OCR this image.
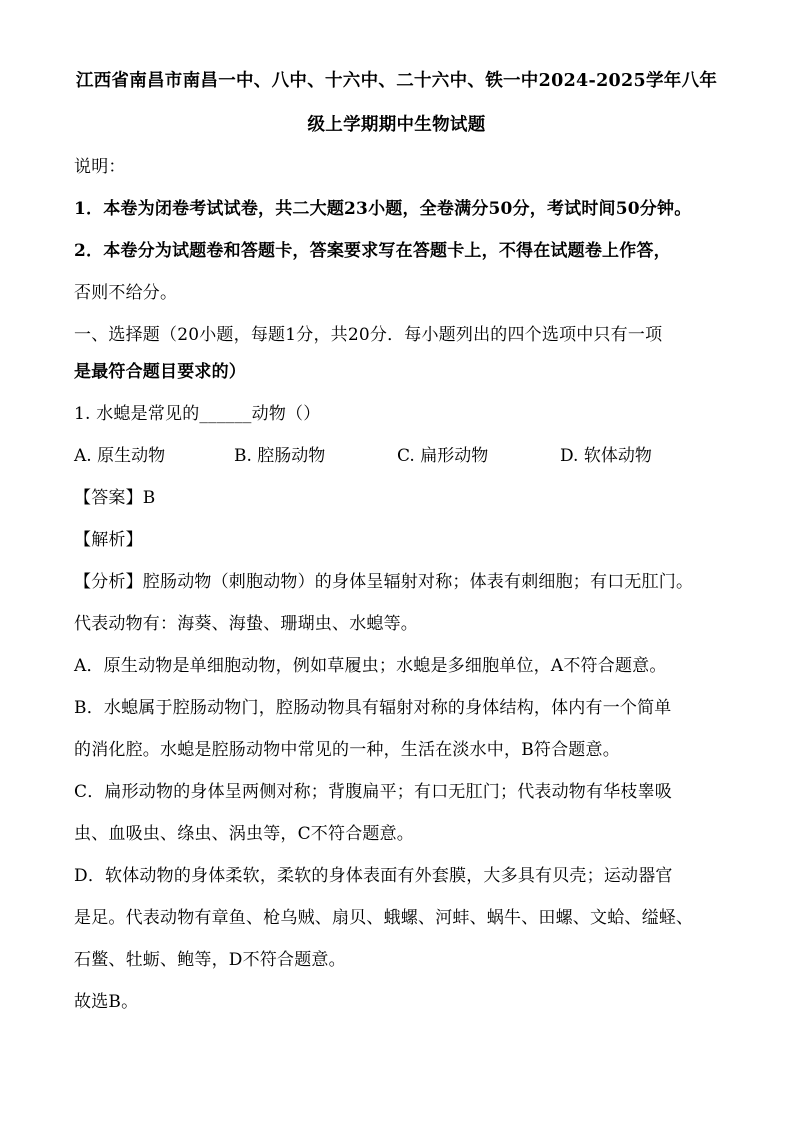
江西省南昌市南昌一中、八中、十六中、二十六中、铁一中2024-2025学年八年
级上学期期中生物试题
说明：
1．本卷为闭卷考试试卷，共二大题23小题，全卷满分50分，考试时间50分钟。
2．本卷分为试题卷和答题卡，答案要求写在答题卡上，不得在试题卷上作答，
否则不给分。
一、选择题（20小题，每题1分，共20分．每小题列出的四个选项中只有一项
是最符合题目要求的）
1. 水螅是常见的______动物（）
A. 原生动物	B. 腔肠动物	C. 扁形动物	D. 软体动物
【答案】B
【解析】
【分析】腔肠动物（刺胞动物）的身体呈辐射对称；体表有刺细胞；有口无肛门。
代表动物有：海葵、海蛰、珊瑚虫、水螅等。
A．原生动物是单细胞动物，例如草履虫；水螅是多细胞单位，A不符合题意。
B．水螅属于腔肠动物门，腔肠动物具有辐射对称的身体结构，体内有一个简单
的消化腔。水螅是腔肠动物中常见的一种，生活在淡水中，B符合题意。
C．扁形动物的身体呈两侧对称；背腹扁平；有口无肛门；代表动物有华枝睾吸
虫、血吸虫、绦虫、涡虫等，C不符合题意。
D．软体动物的身体柔软，柔软的身体表面有外套膜，大多具有贝壳；运动器官
是足。代表动物有章鱼、枪乌贼、扇贝、蛾螺、河蚌、蜗牛、田螺、文蛤、缢蛏、
石鳖、牡蛎、鲍等，D不符合题意。
故选B。
